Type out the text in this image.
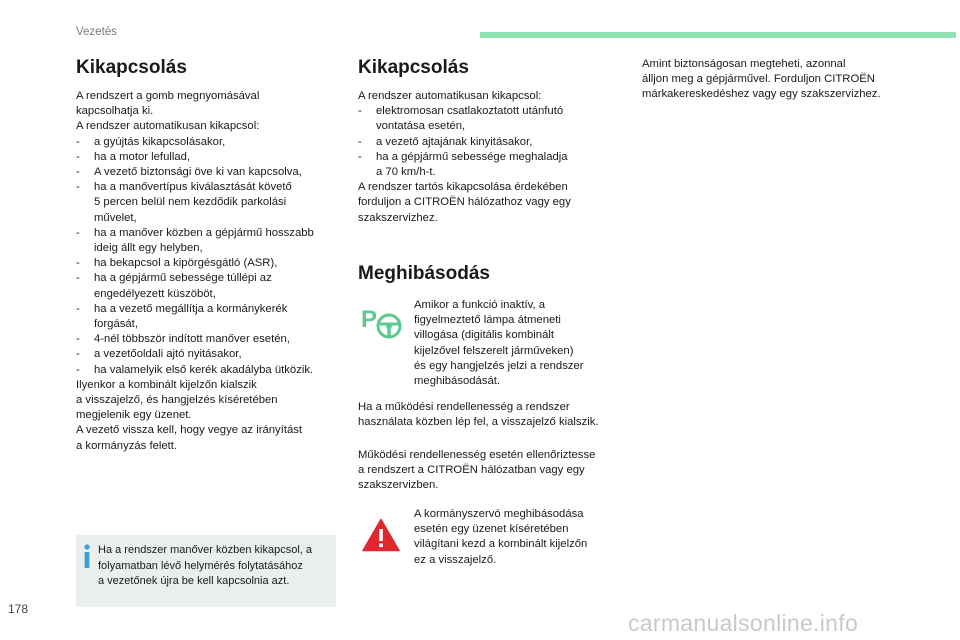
Vezetés
Kikapcsolás
A rendszert a gomb megnyomásával
kapcsolhatja ki.
A rendszer automatikusan kikapcsol:
- a gyújtás kikapcsolásakor,
- ha a motor lefullad,
- A vezető biztonsági öve ki van kapcsolva,
- ha a manővertípus kiválasztását követő
5 percen belül nem kezdődik parkolási
művelet,
- ha a manőver közben a gépjármű hosszabb
ideig állt egy helyben,
- ha bekapcsol a kipörgésgátló (ASR),
- ha a gépjármű sebessége túllépi az
engedélyezett küszöböt,
- ha a vezető megállítja a kormánykerék
forgását,
- 4-nél többször indított manőver esetén,
- a vezetőoldali ajtó nyitásakor,
- ha valamelyik első kerék akadályba ütközik.
Ilyenkor a kombinált kijelzőn kialszik
a visszajelző, és hangjelzés kíséretében
megjelenik egy üzenet.
A vezető vissza kell, hogy vegye az irányítást
a kormányzás felett.
Ha a rendszer manőver közben kikapcsol, a
folyamatban lévő helymérés folytatásához
a vezetőnek újra be kell kapcsolnia azt.
Kikapcsolás
A rendszer automatikusan kikapcsol:
- elektromosan csatlakoztatott utánfutó
vontatása esetén,
- a vezető ajtajának kinyitásakor,
- ha a gépjármű sebessége meghaladja
a 70 km/h-t.
A rendszer tartós kikapcsolása érdekében
forduljon a CITROËN hálózathoz vagy egy
szakszervizhez.
Meghibásodás
P
Amikor a funkció inaktív, a
figyelmeztető lámpa átmeneti
villogása (digitális kombinált
kijelzővel felszerelt járműveken)
és egy hangjelzés jelzi a rendszer
meghibásodását.
Ha a működési rendellenesség a rendszer
használata közben lép fel, a visszajelző kialszik.
Működési rendellenesség esetén ellenőriztesse
a rendszert a CITROËN hálózatban vagy egy
szakszervizben.
A kormányszervó meghibásodása
esetén egy üzenet kíséretében
világítani kezd a kombinált kijelzőn
ez a visszajelző.
Amint biztonságosan megteheti, azonnal
álljon meg a gépjárművel. Forduljon CITROËN
márkakereskedéshez vagy egy szakszervizhez.
178
carmanualsonline.info
